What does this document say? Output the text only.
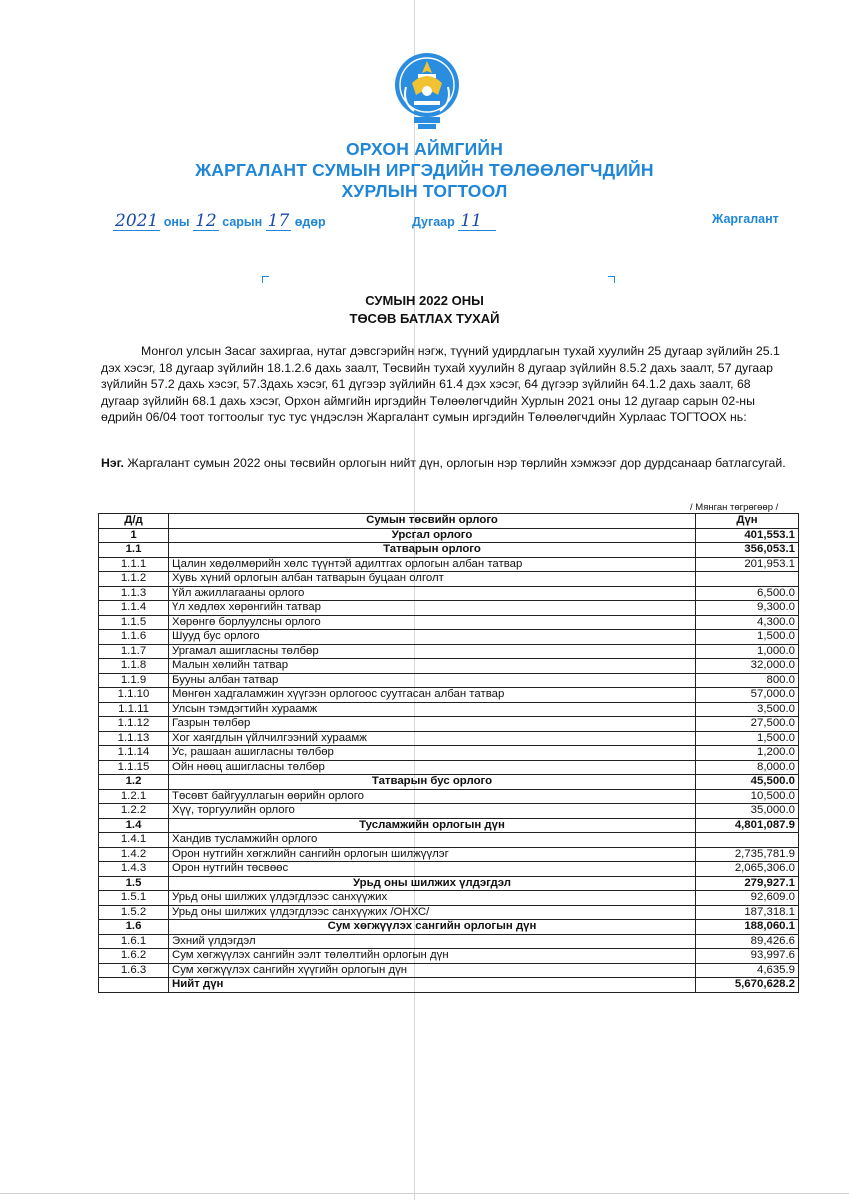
ОРХОН АЙМГИЙН
ЖАРГАЛАНТ СУМЫН ИРГЭДИЙН ТӨЛӨӨЛӨГЧДИЙН
ХУРЛЫН ТОГТООЛ
2021 оны 12 сарын 17 өдөр	Дугаар 11	Жаргалант
СУМЫН 2022 ОНЫ
ТӨСӨВ БАТЛАХ ТУХАЙ
Монгол улсын Засаг захиргаа, нутаг дэвсгэрийн нэгж, түүний удирдлагын тухай хуулийн 25 дугаар зүйлийн 25.1 дэх хэсэг, 18 дугаар зүйлийн 18.1.2.6 дахь заалт, Төсвийн тухай хуулийн 8 дугаар зүйлийн 8.5.2 дахь заалт, 57 дугаар зүйлийн 57.2 дахь хэсэг, 57.3дахь хэсэг, 61 дүгээр зүйлийн 61.4 дэх хэсэг, 64 дүгээр зүйлийн 64.1.2 дахь заалт, 68 дугаар зүйлийн 68.1 дахь хэсэг, Орхон аймгийн иргэдийн Төлөөлөгчдийн Хурлын 2021 оны 12 дугаар сарын 02-ны өдрийн 06/04 тоот тогтоолыг тус тус үндэслэн Жаргалант сумын иргэдийн Төлөөлөгчдийн Хурлаас ТОГТООХ нь:
Нэг. Жаргалант сумын 2022 оны төсвийн орлогын нийт дүн, орлогын нэр төрлийн хэмжээг дор дурдсанаар батлагсугай.
/ Мянган төгрөгөөр /
Д/д	Сумын төсвийн орлого	Дүн
1	Урсгал орлого	401,553.1
1.1	Татварын орлого	356,053.1
1.1.1	Цалин хөдөлмөрийн хөлс түүнтэй адилтгах орлогын албан татвар	201,953.1
1.1.2	Хувь хүний орлогын албан татварын буцаан олголт	
1.1.3	Үйл ажиллагааны орлого	6,500.0
1.1.4	Үл хөдлөх хөрөнгийн татвар	9,300.0
1.1.5	Хөрөнгө борлуулсны орлого	4,300.0
1.1.6	Шууд бус орлого	1,500.0
1.1.7	Ургамал ашигласны төлбөр	1,000.0
1.1.8	Малын хөлийн татвар	32,000.0
1.1.9	Бууны албан татвар	800.0
1.1.10	Мөнгөн хадгаламжин хүүгээн орлогоос суутгасан албан татвар	57,000.0
1.1.11	Улсын тэмдэгтийн хураамж	3,500.0
1.1.12	Газрын төлбөр	27,500.0
1.1.13	Хог хаягдлын үйлчилгээний хураамж	1,500.0
1.1.14	Ус, рашаан ашигласны төлбөр	1,200.0
1.1.15	Ойн нөөц ашигласны төлбөр	8,000.0
1.2	Татварын бус орлого	45,500.0
1.2.1	Төсөвт байгууллагын өөрийн орлого	10,500.0
1.2.2	Хүү, торгуулийн орлого	35,000.0
1.4	Тусламжийн орлогын дүн	4,801,087.9
1.4.1	Хандив тусламжийн орлого	
1.4.2	Орон нутгийн хөгжлийн сангийн орлогын шилжүүлэг	2,735,781.9
1.4.3	Орон нутгийн төсвөөс	2,065,306.0
1.5	Урьд оны шилжих үлдэгдэл	279,927.1
1.5.1	Урьд оны шилжих үлдэгдлээс санхүүжих	92,609.0
1.5.2	Урьд оны шилжих үлдэгдлээс санхүүжих /ОНХС/	187,318.1
1.6	Сум хөгжүүлэх сангийн орлогын дүн	188,060.1
1.6.1	Эхний үлдэгдэл	89,426.6
1.6.2	Сум хөгжүүлэх сангийн ээлт төлөлтийн орлогын дүн	93,997.6
1.6.3	Сум хөгжүүлэх сангийн хүүгийн орлогын дүн	4,635.9
	Нийт дүн	5,670,628.2
